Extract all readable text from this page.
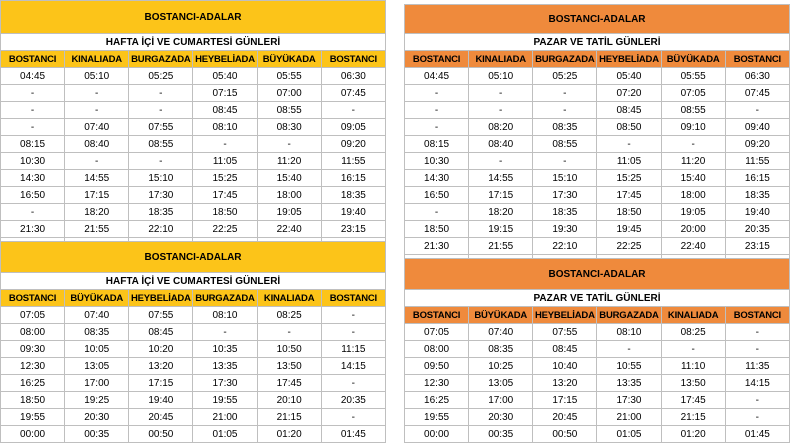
BOSTANCI-ADALAR					
HAFTA İÇİ VE CUMARTESİ GÜNLERİ					
BOSTANCI	KINALIADA	BURGAZADA	HEYBELİADA	BÜYÜKADA	BOSTANCI
04:45	05:10	05:25	05:40	05:55	06:30
-	-	-	07:15	07:00	07:45
-	-	-	08:45	08:55	-
-	07:40	07:55	08:10	08:30	09:05
08:15	08:40	08:55	-	-	09:20
10:30	-	-	11:05	11:20	11:55
14:30	14:55	15:10	15:25	15:40	16:15
16:50	17:15	17:30	17:45	18:00	18:35
-	18:20	18:35	18:50	19:05	19:40
21:30	21:55	22:10	22:25	22:40	23:15

BOSTANCI-ADALAR					
PAZAR VE TATİL GÜNLERİ					
BOSTANCI	KINALIADA	BURGAZADA	HEYBELİADA	BÜYÜKADA	BOSTANCI
04:45	05:10	05:25	05:40	05:55	06:30
-	-	-	07:20	07:05	07:45
-	-	-	08:45	08:55	-
-	08:20	08:35	08:50	09:10	09:40
08:15	08:40	08:55	-	-	09:20
10:30	-	-	11:05	11:20	11:55
14:30	14:55	15:10	15:25	15:40	16:15
16:50	17:15	17:30	17:45	18:00	18:35
-	18:20	18:35	18:50	19:05	19:40
18:50	19:15	19:30	19:45	20:00	20:35
21:30	21:55	22:10	22:25	22:40	23:15

BOSTANCI-ADALAR					
HAFTA İÇİ VE CUMARTESİ GÜNLERİ					
BOSTANCI	BÜYÜKADA	HEYBELİADA	BURGAZADA	KINALIADA	BOSTANCI
07:05	07:40	07:55	08:10	08:25	-
08:00	08:35	08:45	-	-	-
09:30	10:05	10:20	10:35	10:50	11:15
12:30	13:05	13:20	13:35	13:50	14:15
16:25	17:00	17:15	17:30	17:45	-
18:50	19:25	19:40	19:55	20:10	20:35
19:55	20:30	20:45	21:00	21:15	-
00:00	00:35	00:50	01:05	01:20	01:45
BOSTANCI-ADALAR					
PAZAR VE TATİL GÜNLERİ					
BOSTANCI	BÜYÜKADA	HEYBELİADA	BURGAZADA	KINALIADA	BOSTANCI
07:05	07:40	07:55	08:10	08:25	-
08:00	08:35	08:45	-	-	-
09:50	10:25	10:40	10:55	11:10	11:35
12:30	13:05	13:20	13:35	13:50	14:15
16:25	17:00	17:15	17:30	17:45	-
19:55	20:30	20:45	21:00	21:15	-
00:00	00:35	00:50	01:05	01:20	01:45
